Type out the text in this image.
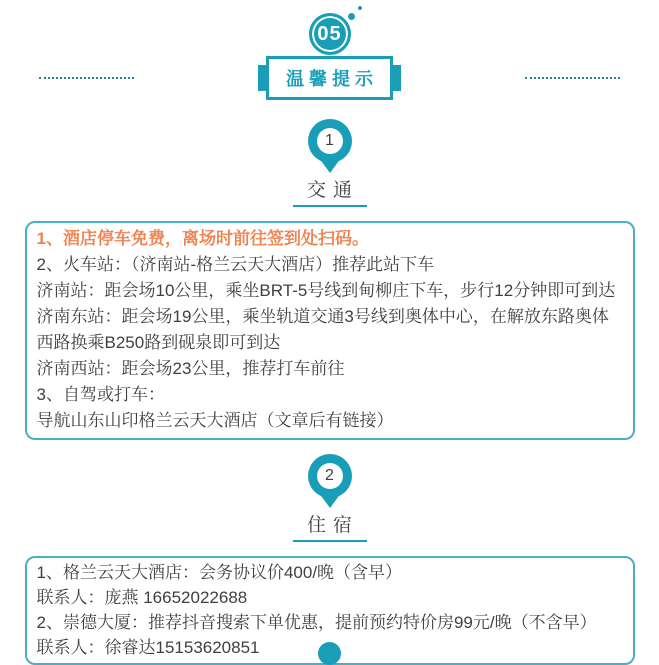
05
温馨提示
1
交通
1、酒店停车免费，离场时前往签到处扫码。
2、火车站：（济南站-格兰云天大酒店）推荐此站下车
济南站：距会场10公里，乘坐BRT-5号线到甸柳庄下车，步行12分钟即可到达
济南东站：距会场19公里，乘坐轨道交通3号线到奥体中心，在解放东路奥体西路换乘B250路到砚泉即可到达
济南西站：距会场23公里，推荐打车前往
3、自驾或打车：
导航山东山印格兰云天大酒店（文章后有链接）
2
住宿
1、格兰云天大酒店：会务协议价400/晚（含早）
联系人：庞燕 16652022688
2、崇德大厦：推荐抖音搜索下单优惠，提前预约特价房99元/晚（不含早）
联系人：徐睿达15153620851
